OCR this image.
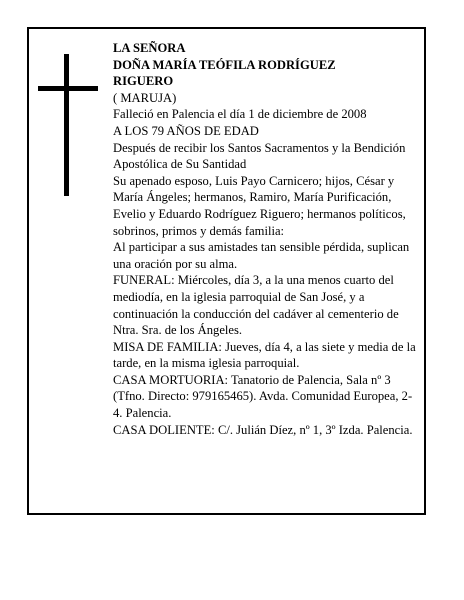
LA SEÑORA

DOÑA MARÍA TEÓFILA RODRÍGUEZ

RIGUERO

( MARUJA)

Falleció en Palencia el día 1 de diciembre de 2008

A LOS 79 AÑOS DE EDAD

Después de recibir los Santos Sacramentos y la Bendición Apostólica de Su Santidad

Su apenado esposo, Luis Payo Carnicero; hijos, César y María Ángeles; hermanos, Ramiro, María Purificación, Evelio y Eduardo Rodríguez Riguero; hermanos políticos, sobrinos, primos y demás familia:

Al participar a sus amistades tan sensible pérdida, suplican una oración por su alma.

FUNERAL: Miércoles, día 3, a la una menos cuarto del mediodía, en la iglesia parroquial de San José, y a continuación la conducción del cadáver al cementerio de Ntra. Sra. de los Ángeles.

MISA DE FAMILIA: Jueves, día 4, a las siete y media de la tarde, en la misma iglesia parroquial.

CASA MORTUORIA: Tanatorio de Palencia, Sala nº 3 (Tfno. Directo: 979165465). Avda. Comunidad Europea, 2-4. Palencia.

CASA DOLIENTE: C/. Julián Díez, nº 1, 3º Izda. Palencia.
